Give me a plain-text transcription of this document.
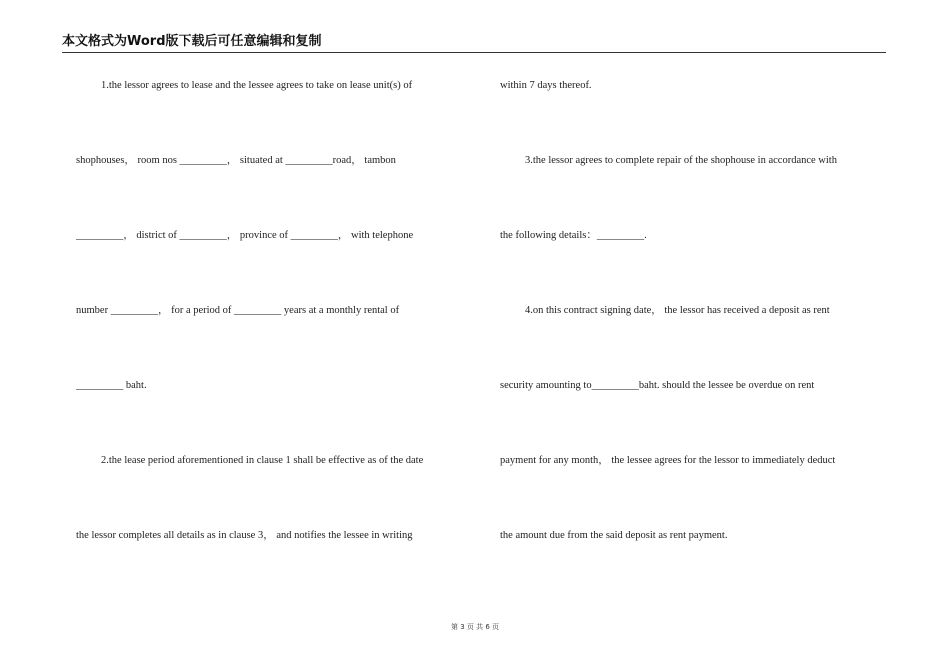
本文格式为Word版下载后可任意编辑和复制
1.the lessor agrees to lease and the lessee agrees to take on lease unit(s) of
shophouses， room nos _________， situated at _________road， tambon
_________， district of _________， province of _________， with telephone
number _________， for a period of _________ years at a monthly rental of
_________ baht.
2.the lease period aforementioned in clause 1 shall be effective as of the date
the lessor completes all details as in clause 3， and notifies the lessee in writing
within 7 days thereof.
3.the lessor agrees to complete repair of the shophouse in accordance with
the following details：_________.
4.on this contract signing date， the lessor has received a deposit as rent
security amounting to_________baht. should the lessee be overdue on rent
payment for any month， the lessee agrees for the lessor to immediately deduct
the amount due from the said deposit as rent payment.
第 3 页 共 6 页
